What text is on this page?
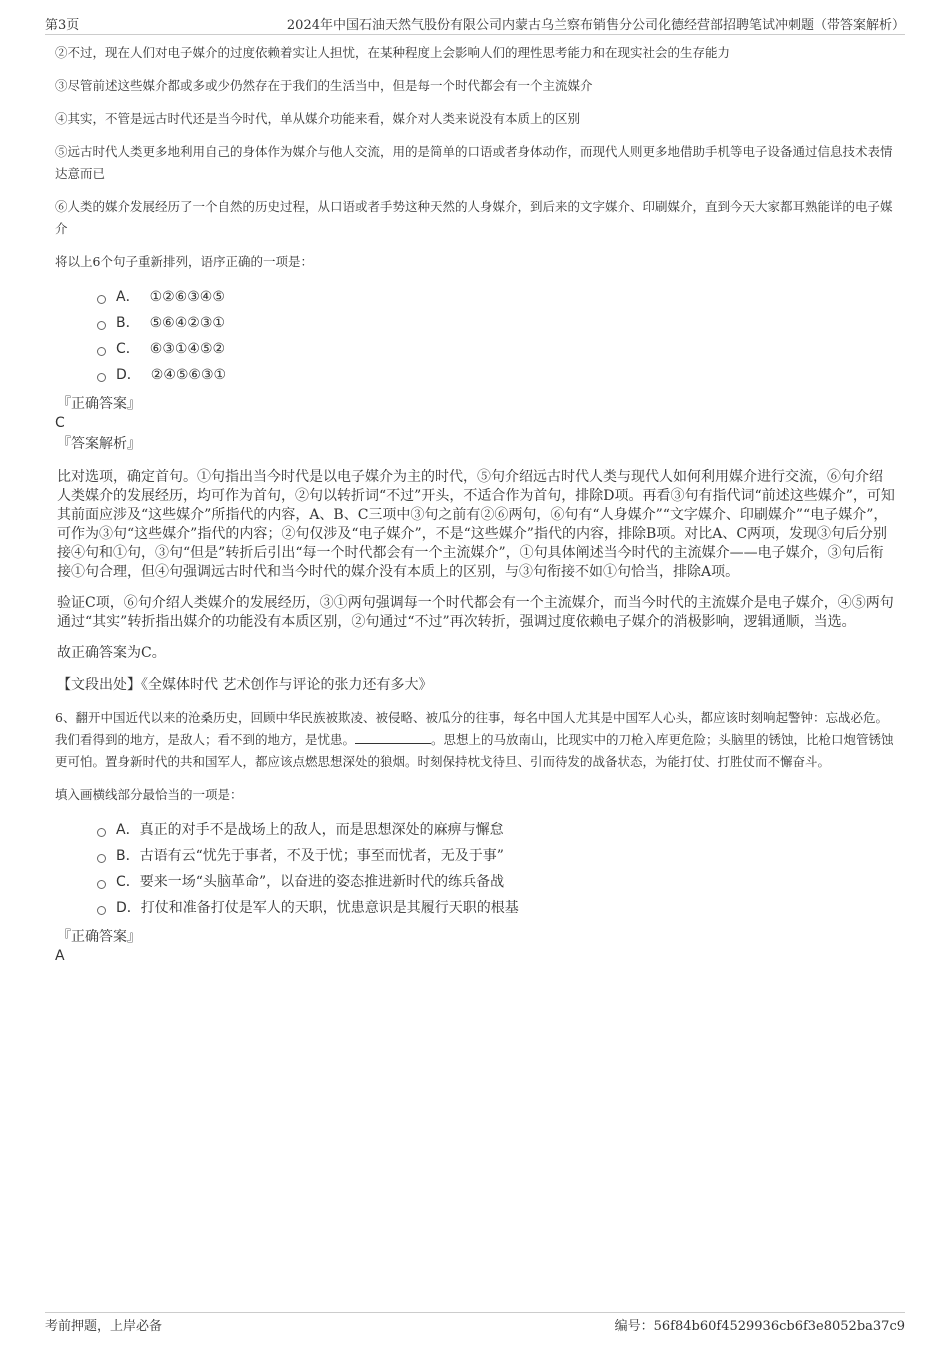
第3页	2024年中国石油天然气股份有限公司内蒙古乌兰察布销售分公司化德经营部招聘笔试冲刺题（带答案解析）

②不过，现在人们对电子媒介的过度依赖着实让人担忧，在某种程度上会影响人们的理性思考能力和在现实社会的生存能力

③尽管前述这些媒介都或多或少仍然存在于我们的生活当中，但是每一个时代都会有一个主流媒介

④其实，不管是远古时代还是当今时代，单从媒介功能来看，媒介对人类来说没有本质上的区别

⑤远古时代人类更多地利用自己的身体作为媒介与他人交流，用的是简单的口语或者身体动作，而现代人则更多地借助手机等电子设备通过信息技术表情达意而已

⑥人类的媒介发展经历了一个自然的历史过程，从口语或者手势这种天然的人身媒介，到后来的文字媒介、印刷媒介，直到今天大家都耳熟能详的电子媒介

将以上6个句子重新排列，语序正确的一项是：

A． ①②⑥③④⑤
B． ⑤⑥④②③①
C． ⑥③①④⑤②
D． ②④⑤⑥③①
『正确答案』
C
『答案解析』

比对选项，确定首句。①句指出当今时代是以电子媒介为主的时代，⑤句介绍远古时代人类与现代人如何利用媒介进行交流，⑥句介绍人类媒介的发展经历，均可作为首句，②句以转折词“不过”开头，不适合作为首句，排除D项。再看③句有指代词“前述这些媒介”，可知其前面应涉及“这些媒介”所指代的内容，A、B、C三项中③句之前有②⑥两句，⑥句有“人身媒介”“文字媒介、印刷媒介”“电子媒介”，可作为③句“这些媒介”指代的内容；②句仅涉及“电子媒介”，不是“这些媒介”指代的内容，排除B项。对比A、C两项，发现③句后分别接④句和①句，③句“但是”转折后引出“每一个时代都会有一个主流媒介”，①句具体阐述当今时代的主流媒介——电子媒介，③句后衔接①句合理，但④句强调远古时代和当今时代的媒介没有本质上的区别，与③句衔接不如①句恰当，排除A项。

验证C项，⑥句介绍人类媒介的发展经历，③①两句强调每一个时代都会有一个主流媒介，而当今时代的主流媒介是电子媒介，④⑤两句通过“其实”转折指出媒介的功能没有本质区别，②句通过“不过”再次转折，强调过度依赖电子媒介的消极影响，逻辑通顺，当选。

故正确答案为C。

【文段出处】《全媒体时代 艺术创作与评论的张力还有多大》

6、翻开中国近代以来的沧桑历史，回顾中华民族被欺凌、被侵略、被瓜分的往事，每名中国人尤其是中国军人心头，都应该时刻响起警钟：忘战必危。我们看得到的地方，是敌人；看不到的地方，是忧患。	。思想上的马放南山，比现实中的刀枪入库更危险；头脑里的锈蚀，比枪口炮管锈蚀更可怕。置身新时代的共和国军人，都应该点燃思想深处的狼烟。时刻保持枕戈待旦、引而待发的战备状态，为能打仗、打胜仗而不懈奋斗。

填入画横线部分最恰当的一项是：

A．真正的对手不是战场上的敌人，而是思想深处的麻痹与懈怠
B．古语有云“忧先于事者，不及于忧；事至而忧者，无及于事”
C．要来一场“头脑革命”，以奋进的姿态推进新时代的练兵备战
D．打仗和准备打仗是军人的天职，忧患意识是其履行天职的根基
『正确答案』
A
考前押题，上岸必备	编号：56f84b60f4529936cb6f3e8052ba37c9
